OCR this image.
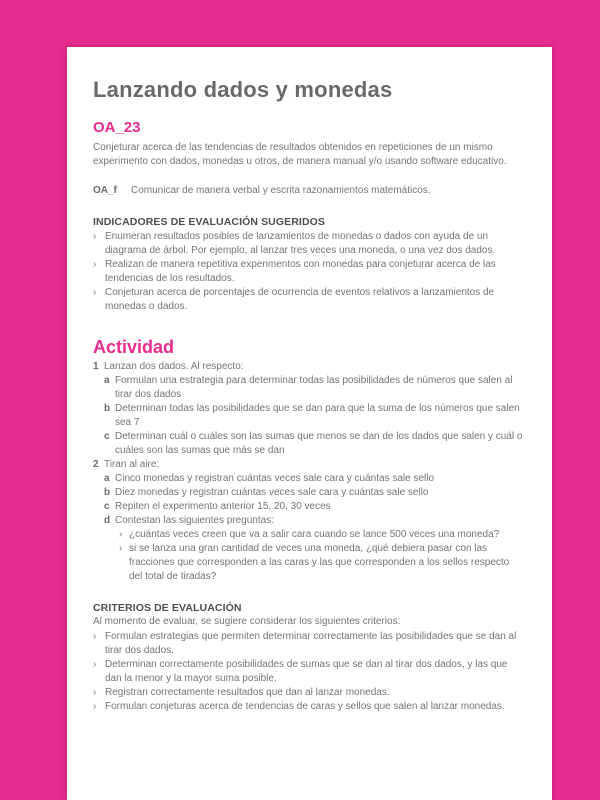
Lanzando dados y monedas
OA_23

Conjeturar acerca de las tendencias de resultados obtenidos en repeticiones de un mismo experimento con dados, monedas u otros, de manera manual y/o usando software educativo.

OA_f	Comunicar de manera verbal y escrita razonamientos matemáticos.
INDICADORES DE EVALUACIÓN SUGERIDOS
› Enumeran resultados posibles de lanzamientos de monedas o dados con ayuda de un diagrama de árbol. Por ejemplo, al lanzar tres veces una moneda, o una vez dos dados.
› Realizan de manera repetitiva experimentos con monedas para conjeturar acerca de las tendencias de los resultados.
› Conjeturan acerca de porcentajes de ocurrencia de eventos relativos a lanzamientos de monedas o dados.
Actividad
1 Lanzan dos dados. Al respecto:
a Formulan una estrategia para determinar todas las posibilidades de números que salen al tirar dos dados
b Determinan todas las posibilidades que se dan para que la suma de los números que salen sea 7
c Determinan cuál o cuáles son las sumas que menos se dan de los dados que salen y cuál o cuáles son las sumas que más se dan
2 Tiran al aire:
a Cinco monedas y registran cuántas veces sale cara y cuántas sale sello
b Diez monedas y registran cuántas veces sale cara y cuántas sale sello
c Repiten el experimento anterior 15, 20, 30 veces
d Contestan las siguientes preguntas:
› ¿cuántas veces creen que va a salir cara cuando se lance 500 veces una moneda?
› si se lanza una gran cantidad de veces una moneda, ¿qué debiera pasar con las fracciones que corresponden a las caras y las que corresponden a los sellos respecto del total de tiradas?
CRITERIOS DE EVALUACIÓN

Al momento de evaluar, se sugiere considerar los siguientes criterios:

› Formulan estrategias que permiten determinar correctamente las posibilidades que se dan al tirar dos dados.
› Determinan correctamente posibilidades de sumas que se dan al tirar dos dados, y las que dan la menor y la mayor suma posible.
› Registran correctamente resultados que dan al lanzar monedas.
› Formulan conjeturas acerca de tendencias de caras y sellos que salen al lanzar monedas.
